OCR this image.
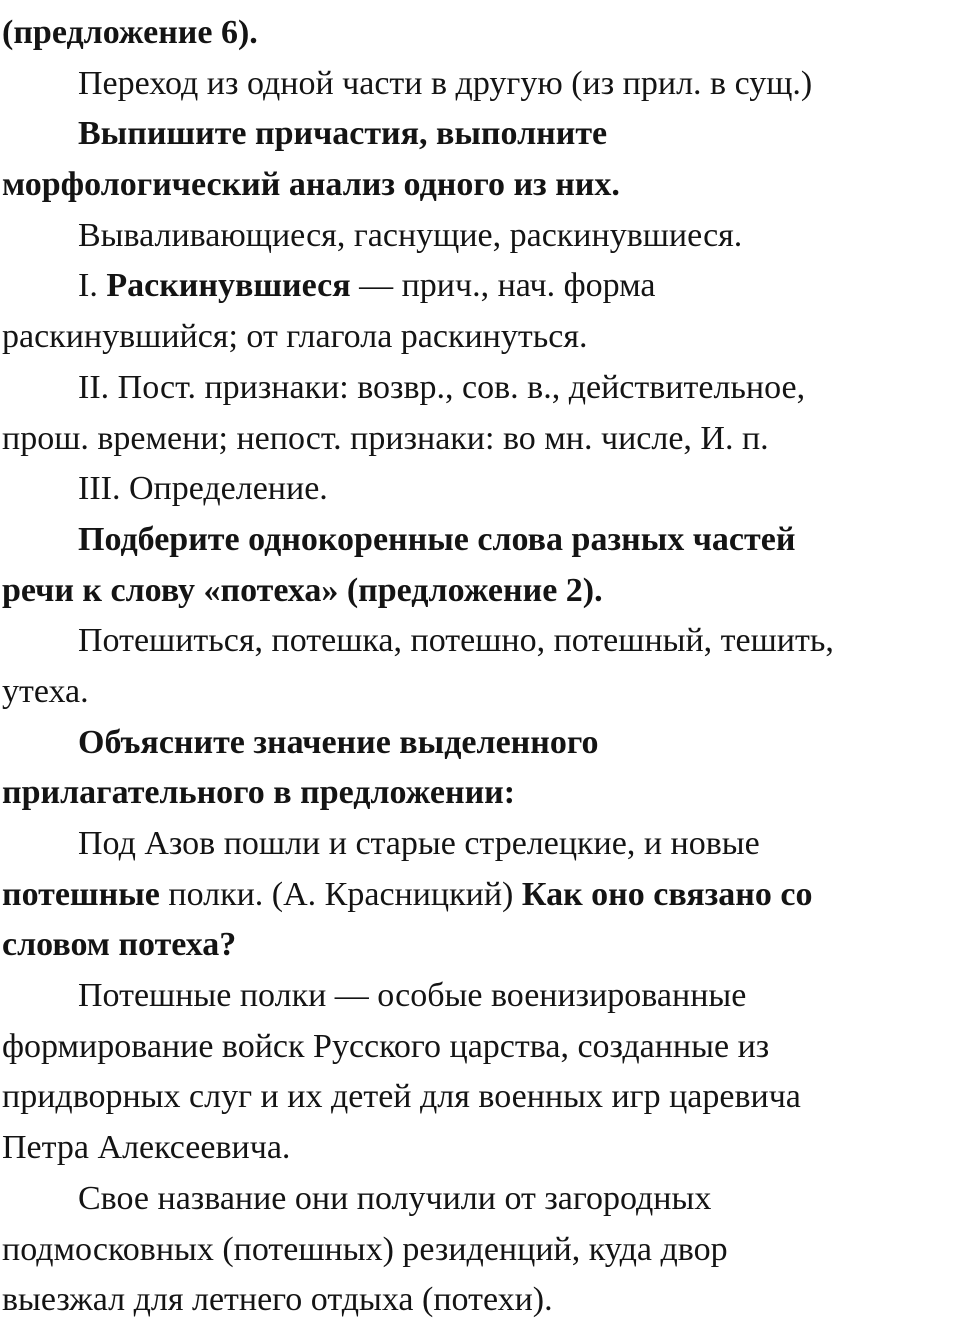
(предложение 6).
Переход из одной части в другую (из прил. в сущ.)
Выпишите причастия, выполните
морфологический анализ одного из них.
Вываливающиеся, гаснущие, раскинувшиеся.
I. Раскинувшиеся — прич., нач. форма
раскинувшийся; от глагола раскинуться.
II. Пост. признаки: возвр., сов. в., действительное,
прош. времени; непост. признаки: во мн. числе, И. п.
III. Определение.
Подберите однокоренные слова разных частей
речи к слову «потеха» (предложение 2).
Потешиться, потешка, потешно, потешный, тешить,
утеха.
Объясните значение выделенного
прилагательного в предложении:
Под Азов пошли и старые стрелецкие, и новые
потешные полки. (А. Красницкий) Как оно связано со
словом потеха?
Потешные полки — особые военизированные
формирование войск Русского царства, созданные из
придворных слуг и их детей для военных игр царевича
Петра Алексеевича.
Свое название они получили от загородных
подмосковных (потешных) резиденций, куда двор
выезжал для летнего отдыха (потехи).
